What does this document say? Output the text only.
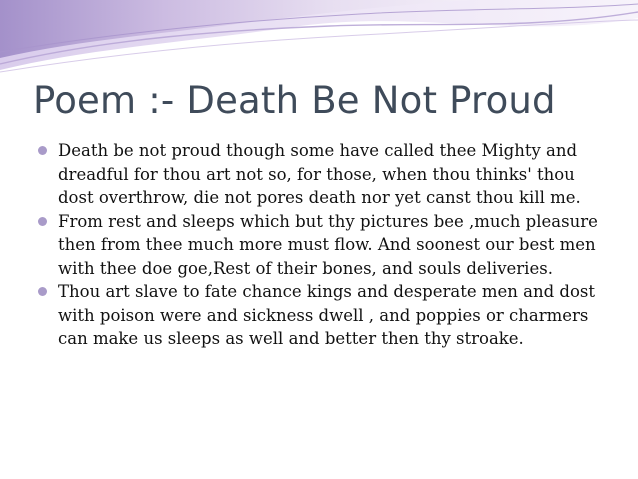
Poem :- Death Be Not Proud
Death be not proud though some have called thee Mighty and dreadful for thou art not so, for those, when thou thinks' thou dost overthrow, die not pores death nor yet canst thou kill me.
From rest and sleeps which but thy pictures bee ,much pleasure then from thee much more must flow. And soonest our best men with thee doe goe,Rest of their bones, and souls deliveries.
Thou art slave to fate chance kings and desperate men and dost with poison were and sickness dwell , and poppies or charmers can make us sleeps as well and better then thy stroake.
